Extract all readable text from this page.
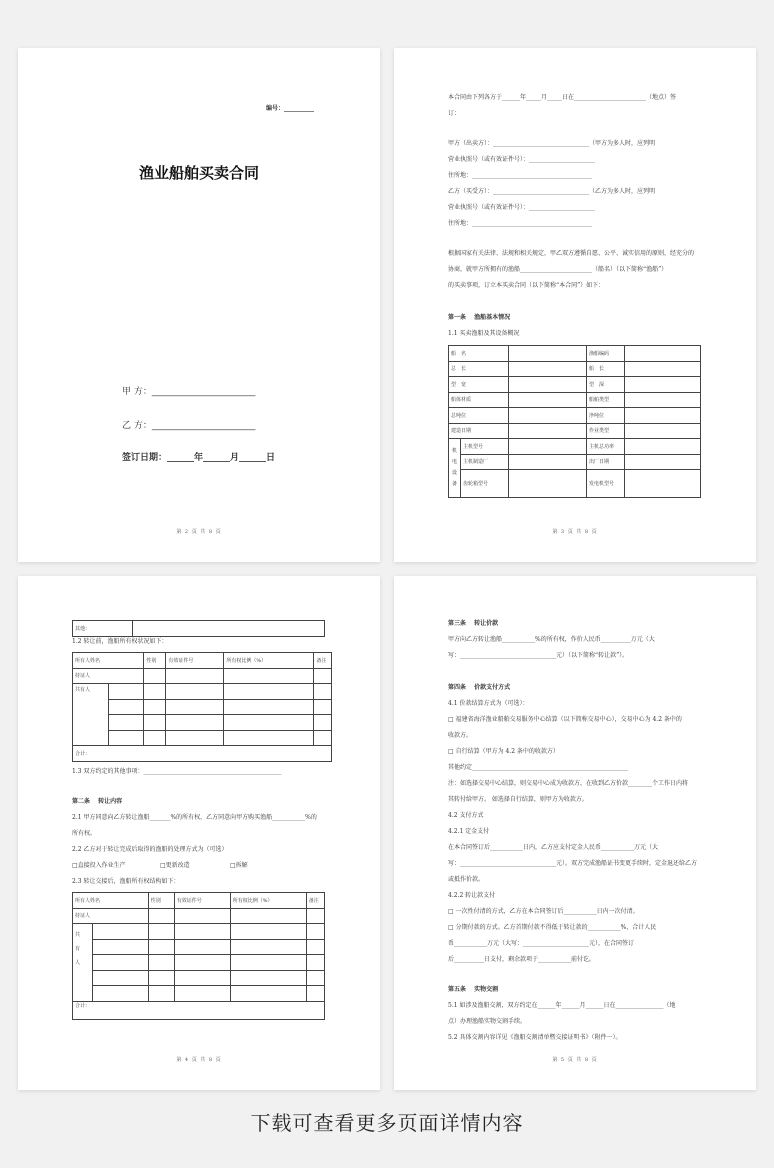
编号：__________
渔业船舶买卖合同
甲 方：_______________________
乙 方：_______________________
签订日期：______年______月______日
第 2 页 共 8 页
本合同由下列各方于______年_____月_____日在________________________（地点）签
订：
甲方（出卖方）：________________________________（甲方为多人时，应列明
营业执照号（或有效证件号）：______________________
住所地：________________________________________
乙方（买受方）：________________________________（乙方为多人时，应列明
营业执照号（或有效证件号）：______________________
住所地：________________________________________
根据国家有关法律、法规和相关规定，甲乙双方遵循自愿、公平、诚实信用的原则，经充分的
协商，就甲方所拥有的渔船________________________（船名）（以下简称“渔船”）
的买卖事项，订立本买卖合同（以下简称“本合同”）如下：
第一条　 渔船基本情况
1.1 买卖渔船及其设备概况
船　名			渔船编码	
总　长			船　长	
型　宽			型　深	
船体材质			船舶类型	
总吨位			净吨位	
建造日期			作业类型	
机
电
设
备	主机型号		主机总功率	
	主机制造厂		出厂日期	
	齿轮箱型号		发电机型号	
第 3 页 共 8 页
其他：	
1.2 转让前，渔船所有权状况如下：
所有人姓名		性别	有效证件号	所有权比例（%）	备注
持证人					
共有人					

合计：					
1.3 双方约定的其他事项：______________________________________________
第二条　 转让内容
2.1 甲方同意向乙方转让渔船_______%的所有权，乙方同意向甲方购买渔船___________%的
所有权。
2.2 乙方对于转让完成后取得的渔船的处理方式为（可选）
□直接投入作业生产	□更新改造	□拆解
2.3 转让交接后，渔船所有权结构如下：
所有人姓名		性别	有效证件号	所有权比例（%）	备注
持证人					
共
有
人					

合计：					
第 4 页 共 8 页
第三条　 转让价款
甲方向乙方转让渔船___________%的所有权，作价人民币__________万元（大
写：________________________________元）（以下简称“转让款”）。
第四条　 价款支付方式
4.1 价款结算方式为（可选）：
□ 福建省海洋渔业船舶交易服务中心结算（以下简称交易中心），交易中心为 4.2 条中的
收款方。
□ 自行结算（甲方为 4.2 条中的收款方）
其他约定____________________________________________________
注：如选择交易中心结算，则交易中心成为收款方，在收到乙方价款________个工作日内将
其转付给甲方。 如选择自行结算，则甲方为收款方。
4.2 支付方式
4.2.1 定金支付
在本合同签订后___________日内，乙方应支付定金人民币___________万元（大
写：________________________________元）。双方完成渔船证书变更手续时，定金退还给乙方
或抵作价款。
4.2.2 转让款支付
□ 一次性付清的方式，乙方在本合同签订后___________日内一次付清。
□ 分期付款的方式。乙方首期付款不得低于转让款的___________%，合计人民
币___________万元（大写：______________________元），在合同签订
后__________日支付，剩余款项于___________前付讫。
第五条　 实物交割
5.1 如涉及渔船交割，双方约定在______年______月______日在________________（地
点）办理渔船实物交割手续。
5.2 具体交割内容详见《渔船交割清单暨交接证明书》（附件一）。
第 5 页 共 8 页
下载可查看更多页面详情内容
